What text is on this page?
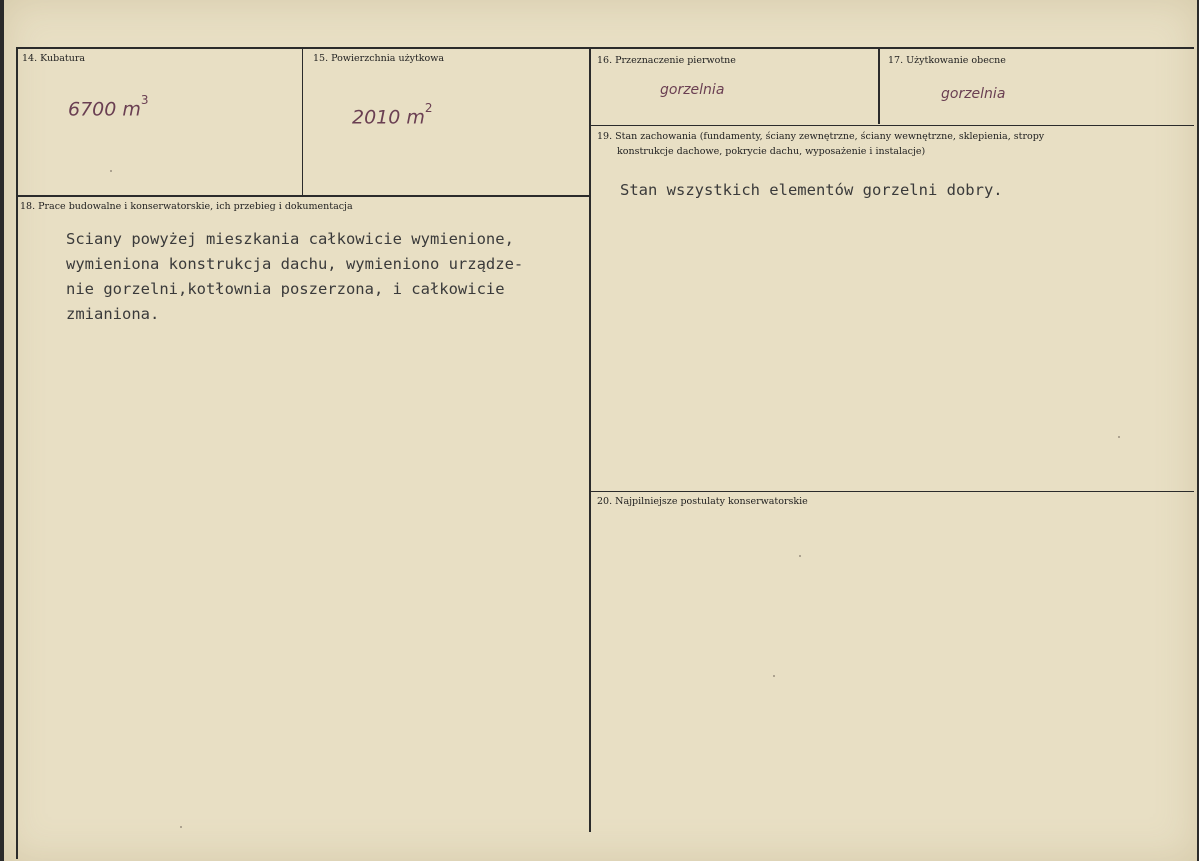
14. Kubatura
6700 $m^3$
15. Powierzchnia użytkowa
2010 $m^2$
16. Przeznaczenie pierwotne
gorzelnia
17. Użytkowanie obecne
gorzelnia
19. Stan zachowania (fundamenty, ściany zewnętrzne, ściany wewnętrzne, sklepienia, stropy
konstrukcje dachowe, pokrycie dachu, wyposażenie i instalacje)
Stan wszystkich elementów gorzelni dobry.
18. Prace budowalne i konserwatorskie, ich przebieg i dokumentacja
Sciany powyżej mieszkania całkowicie wymienione,
wymieniona konstrukcja dachu, wymieniono urządze-
nie gorzelni,kotłownia poszerzona, i całkowicie
zmianiona.
20. Najpilniejsze postulaty konserwatorskie
